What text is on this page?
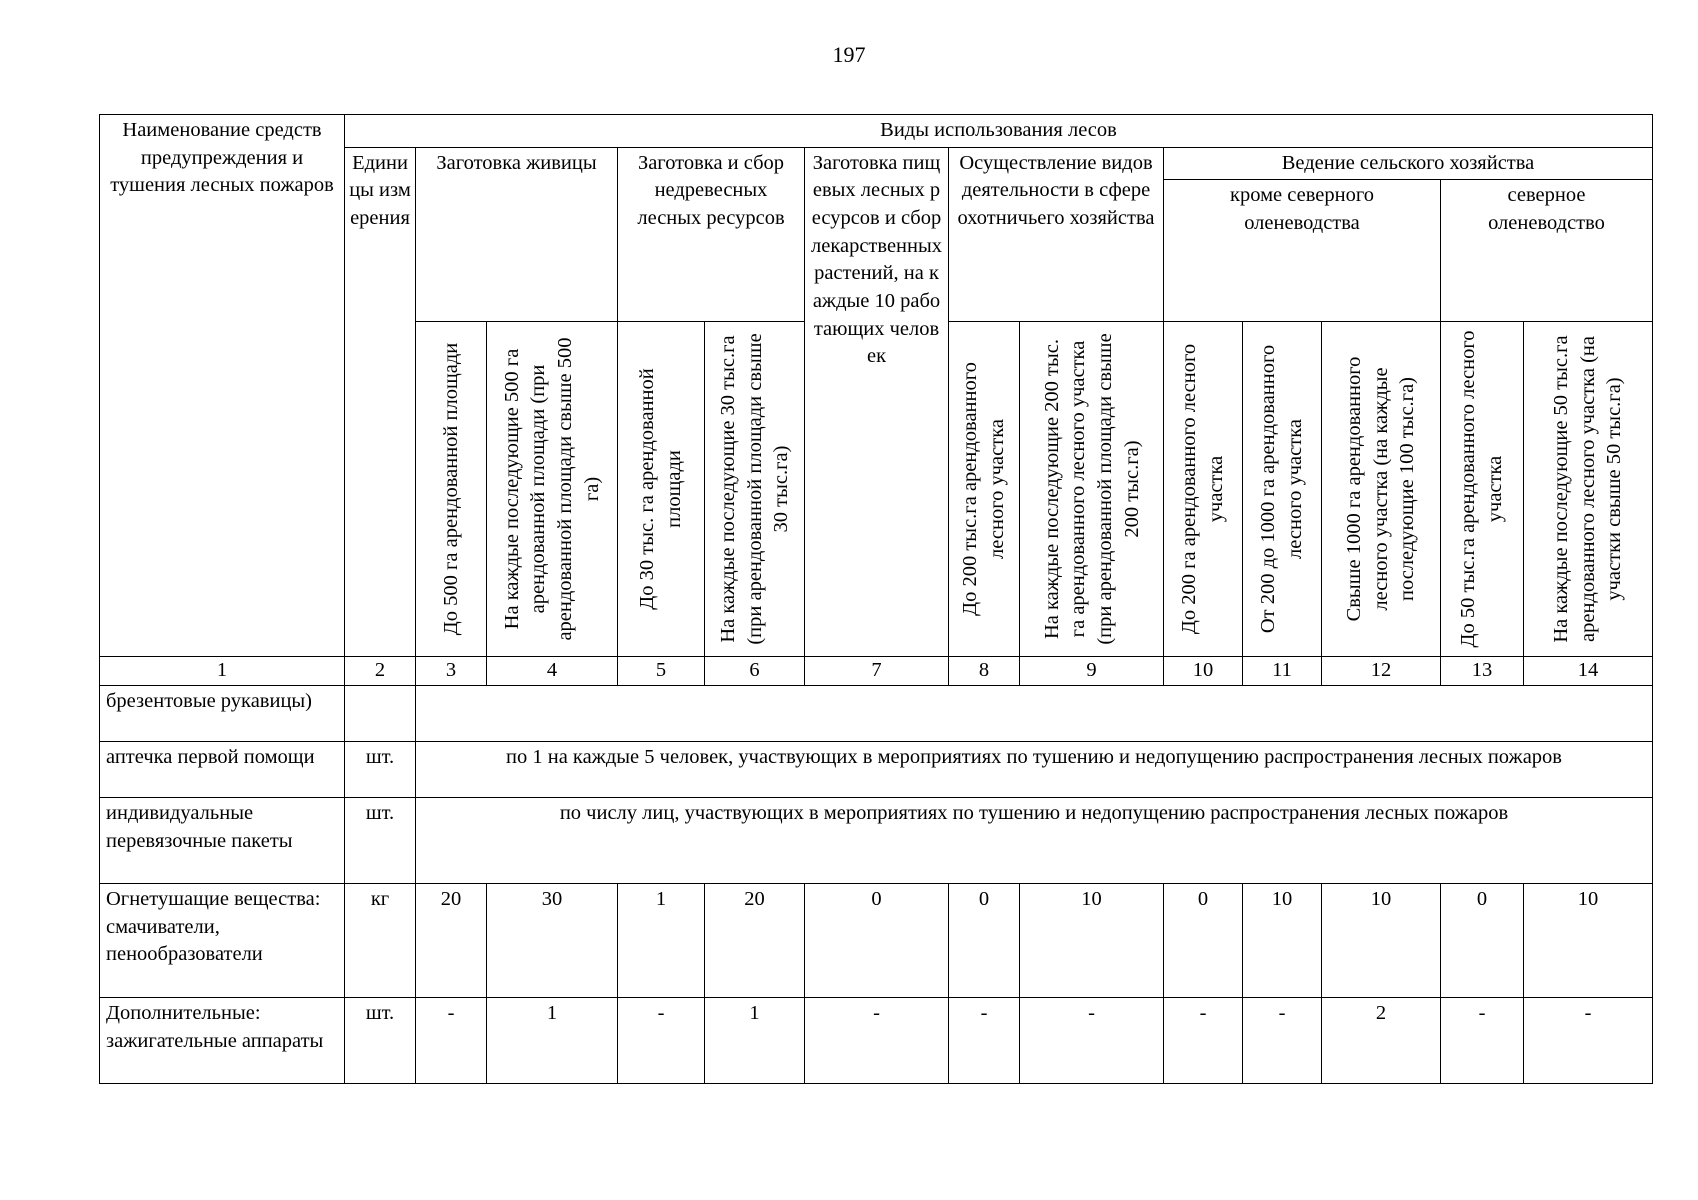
197
Наименование средств предупреждения и тушения лесных пожаров	Виды использования лесов												
	Единицы измерения	Заготовка живицы		Заготовка и сбор недревесных лесных ресурсов		Заготовка пищевых лесных ресурсов и сбор лекарственных растений, на каждые 10 работающих человек	Осуществление видов деятельности в сфере охотничьего хозяйства		Ведение сельского хозяйства				
									кроме северного оленеводства			северное оленеводство	

До 500 га арендованной площади	На каждые последующие 500 га арендованной площади (при арендованной площади свыше 500 га)	До 30 тыс. га арендованной площади	На каждые последующие 30 тыс.га (при арендованной площади свыше 30 тыс.га)		До 200 тыс.га арендованного лесного участка	На каждые последующие 200 тыс. га арендованного лесного участка (при арендованной площади свыше 200 тыс.га)	До 200 га арендованного лесного участка	От 200 до 1000 га арендованного лесного участка	Свыше 1000 га арендованного лесного участка (на каждые последующие 100 тыс.га)	До 50 тыс.га арендованного лесного участка	На каждые последующие 50 тыс.га арендованного лесного участка (на участки свыше 50 тыс.га)

1	2	3	4	5	6	7	8	9	10	11	12	13	14
брезентовые рукавицы)													
аптечка первой помощи	шт.	по 1 на каждые 5 человек, участвующих в мероприятиях по тушению и недопущению распространения лесных пожаров											
индивидуальные перевязочные пакеты	шт.	по числу лиц, участвующих в мероприятиях по тушению и недопущению распространения лесных пожаров											
Огнетушащие вещества: смачиватели, пенообразователи	кг	20	30	1	20	0	0	10	0	10	10	0	10
Дополнительные: зажигательные аппараты	шт.	-	1	-	1	-	-	-	-	-	2	-	-
